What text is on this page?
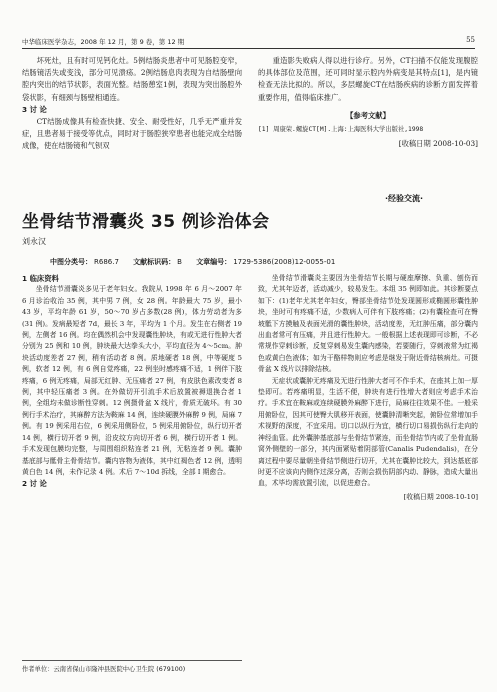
中华临床医学杂志，2008 年 12 月，第 9 卷，第 12 期	55

坏死灶，且有时可见钙化灶。5例结肠炎患者中可见肠腔变窄，结肠镜活失或变浅，部分可见溃疡。2例结肠息肉表现为自结肠壁向腔内突出的结节状影，表面光整。结肠憩室1例，表现为突出肠腔外袋状影，有细颈与肠壁相通连。

3 讨 论

CT结肠成像具有检查快捷、安全、耐受性好，几乎无严重并发症，且患者易于接受等优点，同时对于肠腔狭窄患者也能完成全结肠成像，使在结肠镜和气钡双

重造影失败病人得以进行诊疗。另外，CT扫描不仅能发现腹腔的具体部位及范围，还可同时显示腔内外病变是其特点[1]，是内镜检查无法比拟的。所以，多层螺旋CT在结肠疾病的诊断方面发挥着重要作用，值得临床推广。

【参考文献】
[1] 周康荣.螺旋CT[M].上海:上海医科大学出版社,1998
[收稿日期 2008-10-03]
·经验交流·
坐骨结节滑囊炎 35 例诊治体会
刘永汉
中图分类号： R686.7 文献标识码： B 文章编号： 1729-5386(2008)12-0055-01
1 临床资料

坐骨结节滑囊炎多见于老年妇女。我院从 1998 年 6 月～2007 年 6 月诊治收治 35 例，其中男 7 例，女 28 例。年龄最大 75 岁，最小 43 岁，平均年龄 61 岁，50～70 岁占多数(28 例)，体力劳动者为多(31 例)。发病最短者 7d，最长 3 年，平均为 1 个月。发生在右侧者 19 例，左侧者 16 例。均在偶然机会中发现囊性肿块，有或无进行性肿大者分别为 25 例和 10 例，肿块最大达拳头大小，平均直径为 4～5cm。肿块活动度差者 27 例，稍有活动者 8 例。质地硬者 18 例，中等硬度 5 例，软者 12 例，有 6 例自觉疼痛，22 例坐时感疼痛不适，1 例伴下肢疼痛，6 例无疼痛，局部无红肿、无压痛者 27 例，有皮肤色素改变者 8 例，其中轻压痛者 3 例。在外做切开引流手术后放置被褥退换合者 1 例，全组均未做诊断性穿刺。12 例摄骨盆 X 线片，骨质无破坏。有 30 例行手术治疗，其麻醉方法为鞍麻 14 例，连续硬膜外麻醉 9 例，局麻 7 例。有 19 例采用右位，6 例采用侧卧位，5 例采用俯卧位，纵行切开者 14 例，横行切开者 9 例，沿皮纹方向切开者 6 例，横行切开者 1 例。手术发现包膜均完整，与周围组织粘连者 21 例，无粘连者 9 例。囊肿基底部与骶骨主骨骨结节。囊内容物为液体，其中红褐色者 12 例，透明黄白色 14 例，未作记录 4 例。术后 7～10d 拆线，全部 I 期愈合。

2 讨 论

坐骨结节滑囊炎主要因为坐骨结节长期与硬座摩擦、负重、刨伤而致，尤其年迈者，活动减少，较易发生。本组 35 例即如此。其诊断要点如下：(1)老年尤其老年妇女，臀部坐骨结节处发现圆形或椭圆形囊性肿块，坐时可有疼痛不适，少数病人可伴有下肢疼痛；(2)有囊检查可在臀坡骶下方摸触及表面光滑的囊性肿块，活动度差，无红肿压痛，部分囊内出血者常可有压痛，并且进行性肿大。一般根据上述表现即可诊断，不必常规作穿刺诊断，反复穿刺易发生囊内感染，若要随行，穿刺液常为红褐色或黄白色液体；如为干酪样物则应考虑是继发于附近骨结核病灶。可摄骨盆 X 线片以排除结核。

无症状或囊肿无疼痛及无进行性肿大者可不作手术，在座其上加一厚垫即可。若疼痛明显，生活不便，肿块有进行性增大者则应考虑手术治疗。手术宜在鞍麻或连续硬膜外麻醉下进行，局麻往往效果不佳。一般采用俯卧位，因其可使臀大肌移开表面，使囊肿清晰突起，俯卧位常增加手术视野的深度，不宜采用。切口以纵行为宜，横行切口易损伤纵行走向的神经血管。此外囊肿基底部与坐骨结节紧连，而坐骨结节内或了坐骨直肠窝外侧壁的一部分，其内面紧贴着阴部管(Canalis Pudendalis)，在分离过程中要尽量朝坐骨结节侧进行切开，尤其在囊肿比较大，到达基底部时更不应该向内侧作过深分离，否则会损伤阴部内动、静脉，造成大量出血，术毕均需放置引流，以促进愈合。

[收稿日期 2008-10-10]
作者单位：云南省保山市隆冲县医院中心卫生院 (679100)
